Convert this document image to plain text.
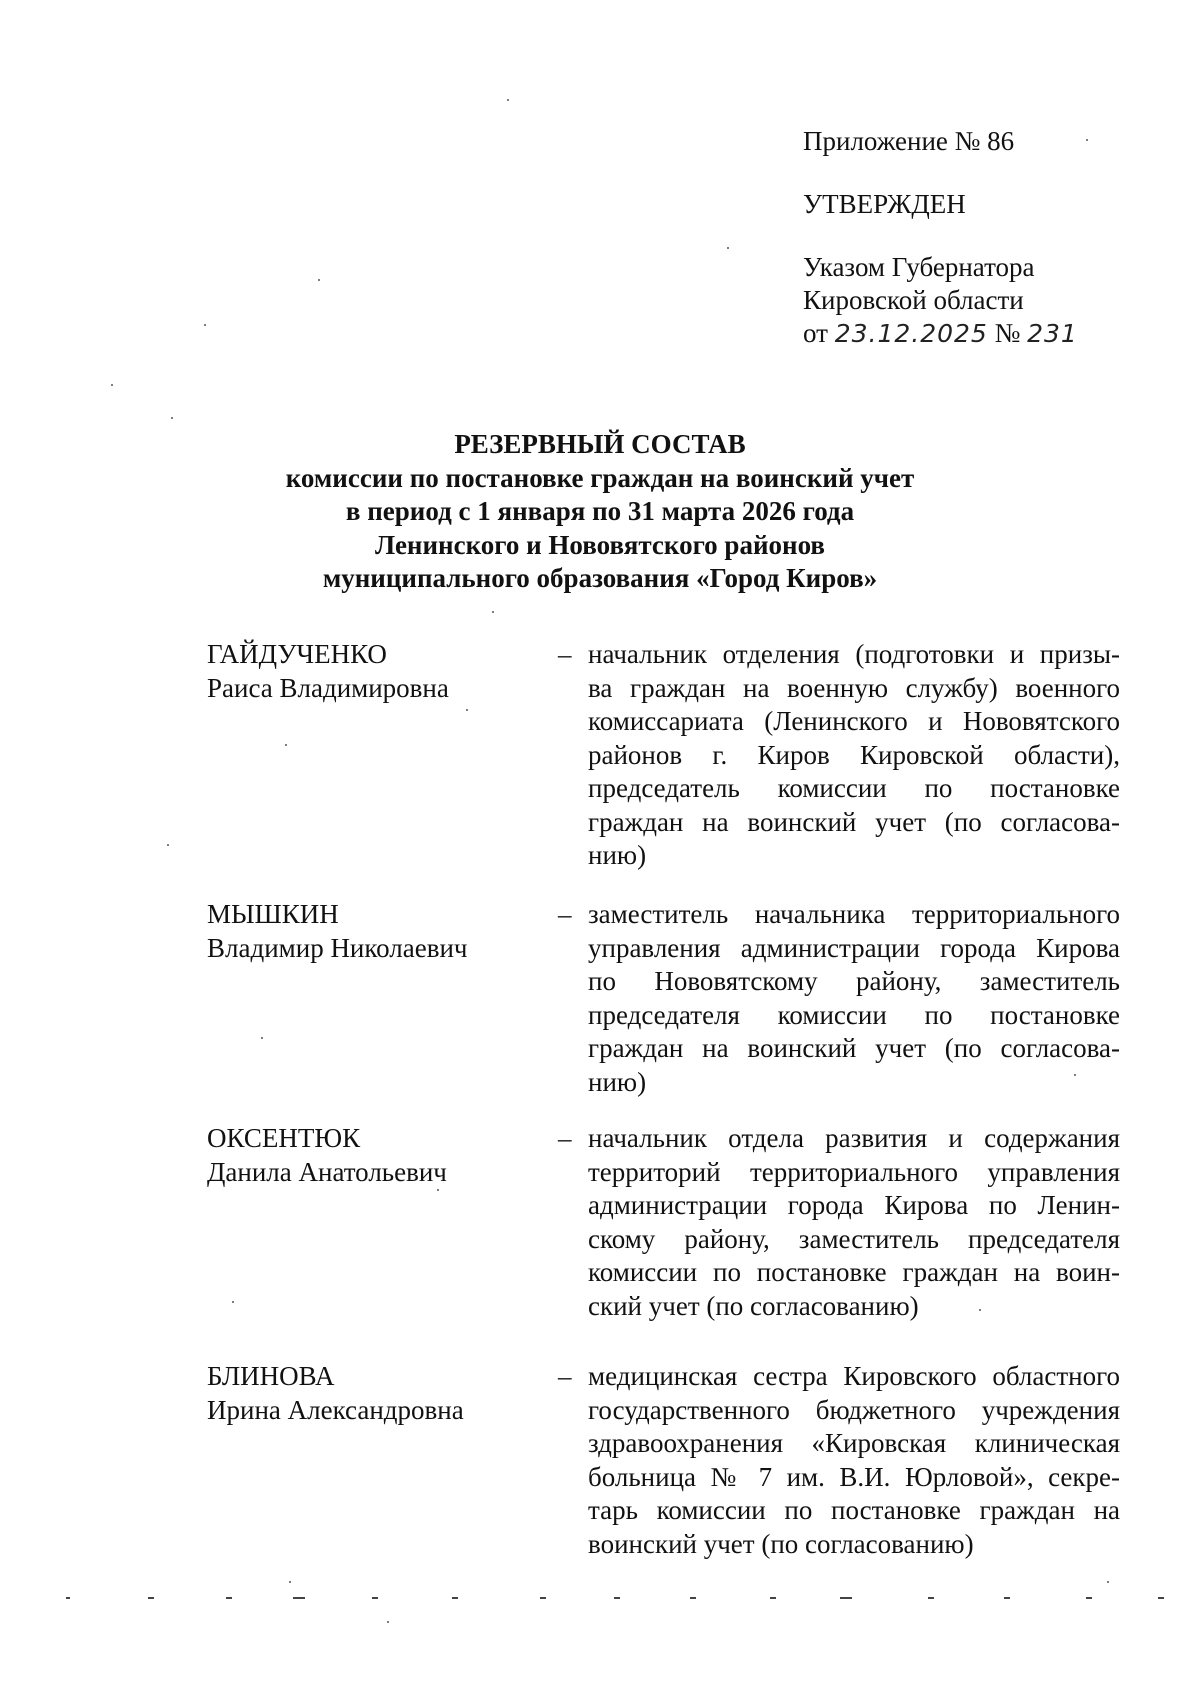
Приложение № 86
УТВЕРЖДЕН
Указом Губернатора
Кировской области
от 23.12.2025 № 231
РЕЗЕРВНЫЙ СОСТАВ
комиссии по постановке граждан на воинский учет
в период с 1 января по 31 марта 2026 года
Ленинского и Нововятского районов
муниципального образования «Город Киров»
ГАЙДУЧЕНКО
Раиса Владимировна
– начальник отделения (подготовки и призы-
ва граждан на военную службу) военного
комиссариата (Ленинского и Нововятского
районов г. Киров Кировской области),
председатель комиссии по постановке
граждан на воинский учет (по согласова-
нию)
МЫШКИН
Владимир Николаевич
– заместитель начальника территориального
управления администрации города Кирова
по Нововятскому району, заместитель
председателя комиссии по постановке
граждан на воинский учет (по согласова-
нию)
ОКСЕНТЮК
Данила Анатольевич
– начальник отдела развития и содержания
территорий территориального управления
администрации города Кирова по Ленин-
скому району, заместитель председателя
комиссии по постановке граждан на воин-
ский учет (по согласованию)
БЛИНОВА
Ирина Александровна
– медицинская сестра Кировского областного
государственного бюджетного учреждения
здравоохранения «Кировская клиническая
больница № 7 им. В.И. Юрловой», секре-
тарь комиссии по постановке граждан на
воинский учет (по согласованию)
